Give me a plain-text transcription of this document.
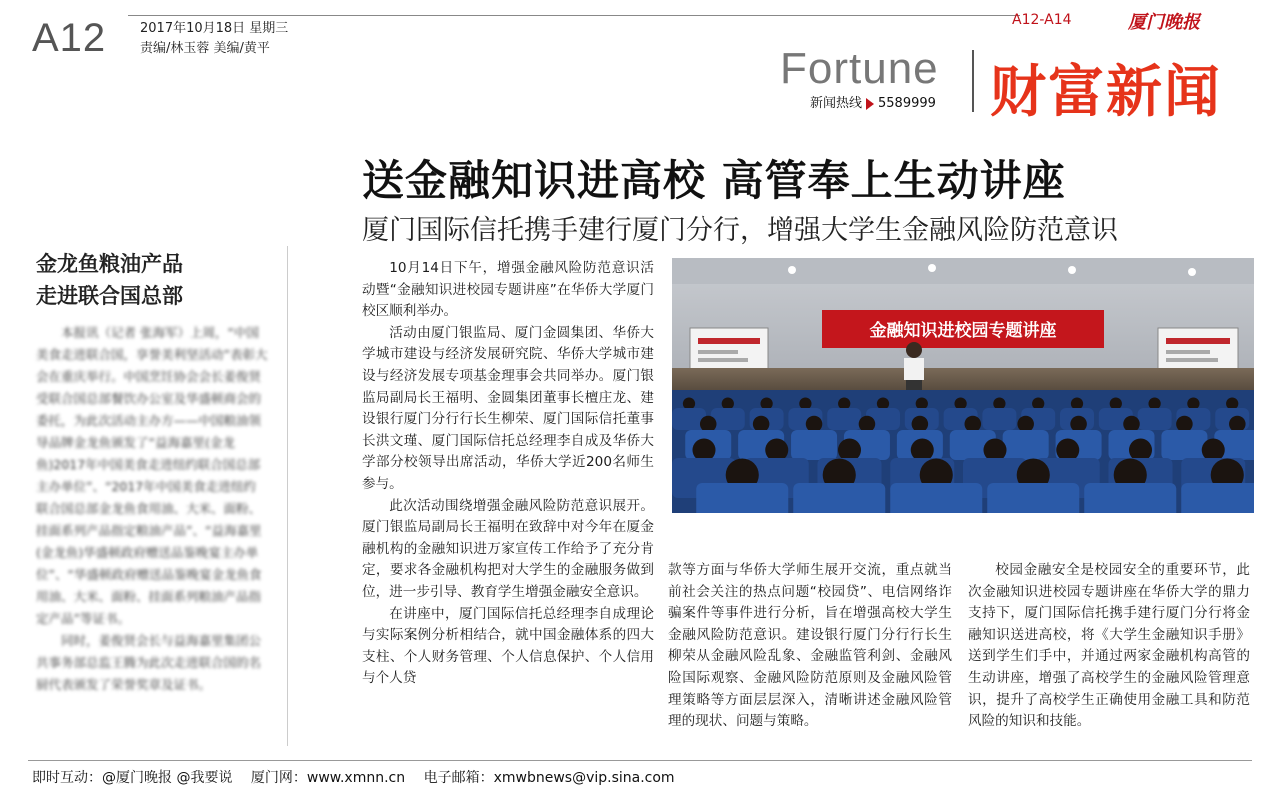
A12	2017年10月18日 星期三
责编/林玉蓉 美编/黄平
A12-A14	厦门晚报
Fortune
新闻热线 5589999 财富新闻
送金融知识进高校 高管奉上生动讲座
厦门国际信托携手建行厦门分行，增强大学生金融风险防范意识
金龙鱼粮油产品
走进联合国总部

本报讯（记者 张海军）上周，“中国美食走进联合国，享誉美利坚活动”表彰大会在重庆举行。中国烹饪协会会长姜俊贤受联合国总部餐饮办公室及华盛顿商会的委托，为此次活动主办方——中国粮油领导品牌金龙鱼颁发了“益海嘉里(金龙鱼)2017年中国美食走进纽约联合国总部主办单位”、“2017年中国美食走进纽约联合国总部金龙鱼食用油、大米、面粉、挂面系列产品指定粮油产品”、“益海嘉里(金龙鱼)华盛顿政府赠送品鉴晚宴主办单位”、“华盛顿政府赠送品鉴晚宴金龙鱼食用油、大米、面粉、挂面系列粮油产品指定产品”等证书。

同时，姜俊贤会长与益海嘉里集团公共事务部总监王腾为此次走进联合国的名厨代表颁发了荣誉奖章及证书。

10月14日下午，增强金融风险防范意识活动暨“金融知识进校园专题讲座”在华侨大学厦门校区顺利举办。

活动由厦门银监局、厦门金圆集团、华侨大学城市建设与经济发展研究院、华侨大学城市建设与经济发展专项基金理事会共同举办。厦门银监局副局长王福明、金圆集团董事长檀庄龙、建设银行厦门分行行长生柳荣、厦门国际信托董事长洪文瑾、厦门国际信托总经理李自成及华侨大学部分校领导出席活动，华侨大学近200名师生参与。

此次活动围绕增强金融风险防范意识展开。厦门银监局副局长王福明在致辞中对今年在厦金融机构的金融知识进万家宣传工作给予了充分肯定，要求各金融机构把对大学生的金融服务做到位，进一步引导、教育学生增强金融安全意识。

在讲座中，厦门国际信托总经理李自成理论与实际案例分析相结合，就中国金融体系的四大支柱、个人财务管理、个人信息保护、个人信用与个人贷

金融知识进校园专题讲座

款等方面与华侨大学师生展开交流，重点就当前社会关注的热点问题“校园贷”、电信网络诈骗案件等事件进行分析，旨在增强高校大学生金融风险防范意识。建设银行厦门分行行长生柳荣从金融风险乱象、金融监管利剑、金融风险国际观察、金融风险防范原则及金融风险管理策略等方面层层深入，清晰讲述金融风险管理的现状、问题与策略。

校园金融安全是校园安全的重要环节，此次金融知识进校园专题讲座在华侨大学的鼎力支持下，厦门国际信托携手建行厦门分行将金融知识送进高校，将《大学生金融知识手册》送到学生们手中，并通过两家金融机构高管的生动讲座，增强了高校学生的金融风险管理意识，提升了高校学生正确使用金融工具和防范风险的知识和技能。

即时互动：@厦门晚报 @我要说 厦门网：www.xmnn.cn 电子邮箱：xmwbnews@vip.sina.com
